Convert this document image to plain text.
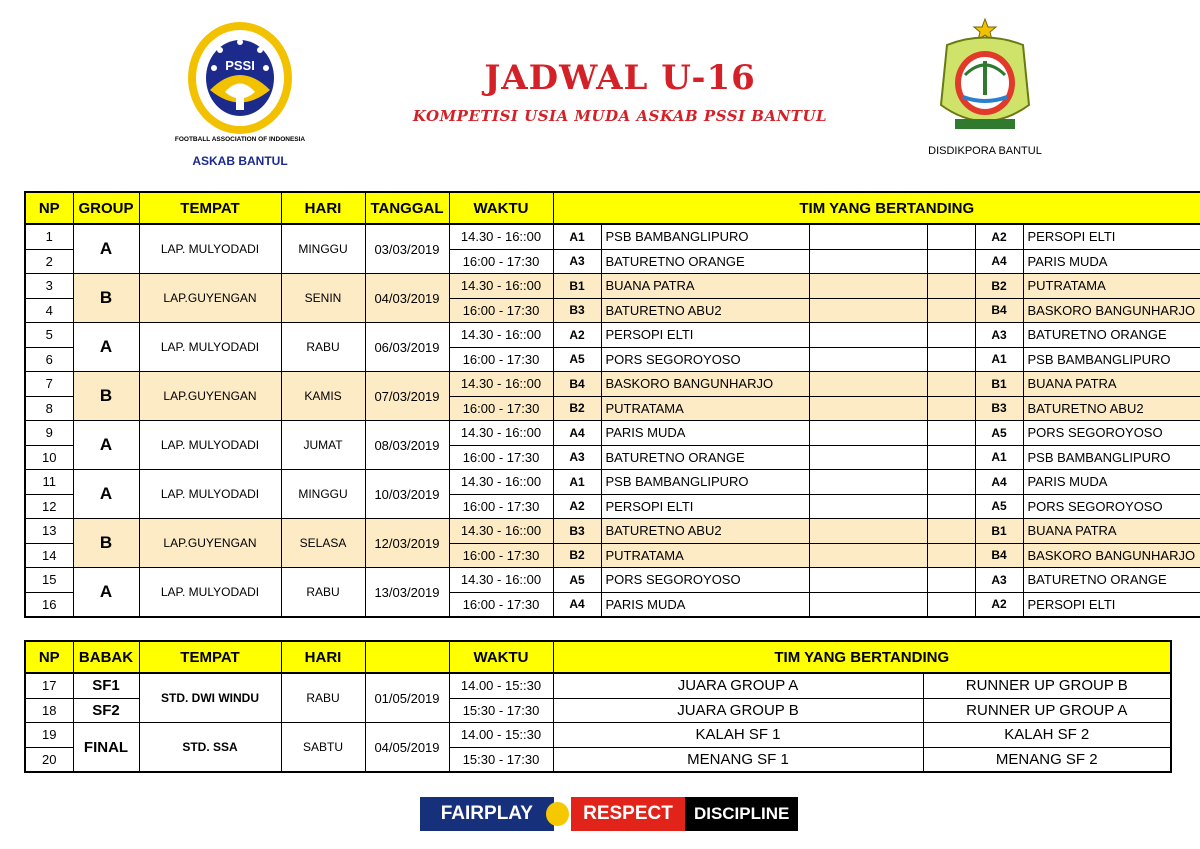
PSSI
FOOTBALL ASSOCIATION OF INDONESIA
ASKAB BANTUL
JADWAL U-16
KOMPETISI USIA MUDA ASKAB PSSI BANTUL
DISDIKPORA BANTUL
NP	GROUP	TEMPAT	HARI	TANGGAL	WAKTU	TIM YANG BERTANDING					
1	A	LAP. MULYODADI	MINGGU	03/03/2019	14.30 - 16::00	A1	PSB BAMBANGLIPURO			A2	PERSOPI ELTI
2					16:00 - 17:30	A3	BATURETNO ORANGE			A4	PARIS MUDA
3	B	LAP.GUYENGAN	SENIN	04/03/2019	14.30 - 16::00	B1	BUANA PATRA			B2	PUTRATAMA
4					16:00 - 17:30	B3	BATURETNO ABU2			B4	BASKORO BANGUNHARJO
5	A	LAP. MULYODADI	RABU	06/03/2019	14.30 - 16::00	A2	PERSOPI ELTI			A3	BATURETNO ORANGE
6					16:00 - 17:30	A5	PORS SEGOROYOSO			A1	PSB BAMBANGLIPURO
7	B	LAP.GUYENGAN	KAMIS	07/03/2019	14.30 - 16::00	B4	BASKORO BANGUNHARJO			B1	BUANA PATRA
8					16:00 - 17:30	B2	PUTRATAMA			B3	BATURETNO ABU2
9	A	LAP. MULYODADI	JUMAT	08/03/2019	14.30 - 16::00	A4	PARIS MUDA			A5	PORS SEGOROYOSO
10					16:00 - 17:30	A3	BATURETNO ORANGE			A1	PSB BAMBANGLIPURO
11	A	LAP. MULYODADI	MINGGU	10/03/2019	14.30 - 16::00	A1	PSB BAMBANGLIPURO			A4	PARIS MUDA
12					16:00 - 17:30	A2	PERSOPI ELTI			A5	PORS SEGOROYOSO
13	B	LAP.GUYENGAN	SELASA	12/03/2019	14.30 - 16::00	B3	BATURETNO ABU2			B1	BUANA PATRA
14					16:00 - 17:30	B2	PUTRATAMA			B4	BASKORO BANGUNHARJO
15	A	LAP. MULYODADI	RABU	13/03/2019	14.30 - 16::00	A5	PORS SEGOROYOSO			A3	BATURETNO ORANGE
16					16:00 - 17:30	A4	PARIS MUDA			A2	PERSOPI ELTI
NP	BABAK	TEMPAT	HARI		WAKTU	TIM YANG BERTANDING	
17	SF1	STD. DWI WINDU	RABU	01/05/2019	14.00 - 15::30	JUARA GROUP A	RUNNER UP GROUP B
18	SF2				15:30 - 17:30	JUARA GROUP B	RUNNER UP GROUP A
19	FINAL	STD. SSA	SABTU	04/05/2019	14.00 - 15::30	KALAH SF 1	KALAH SF 2
20					15:30 - 17:30	MENANG SF 1	MENANG SF 2
FAIRPLAY	RESPECT	DISCIPLINE
